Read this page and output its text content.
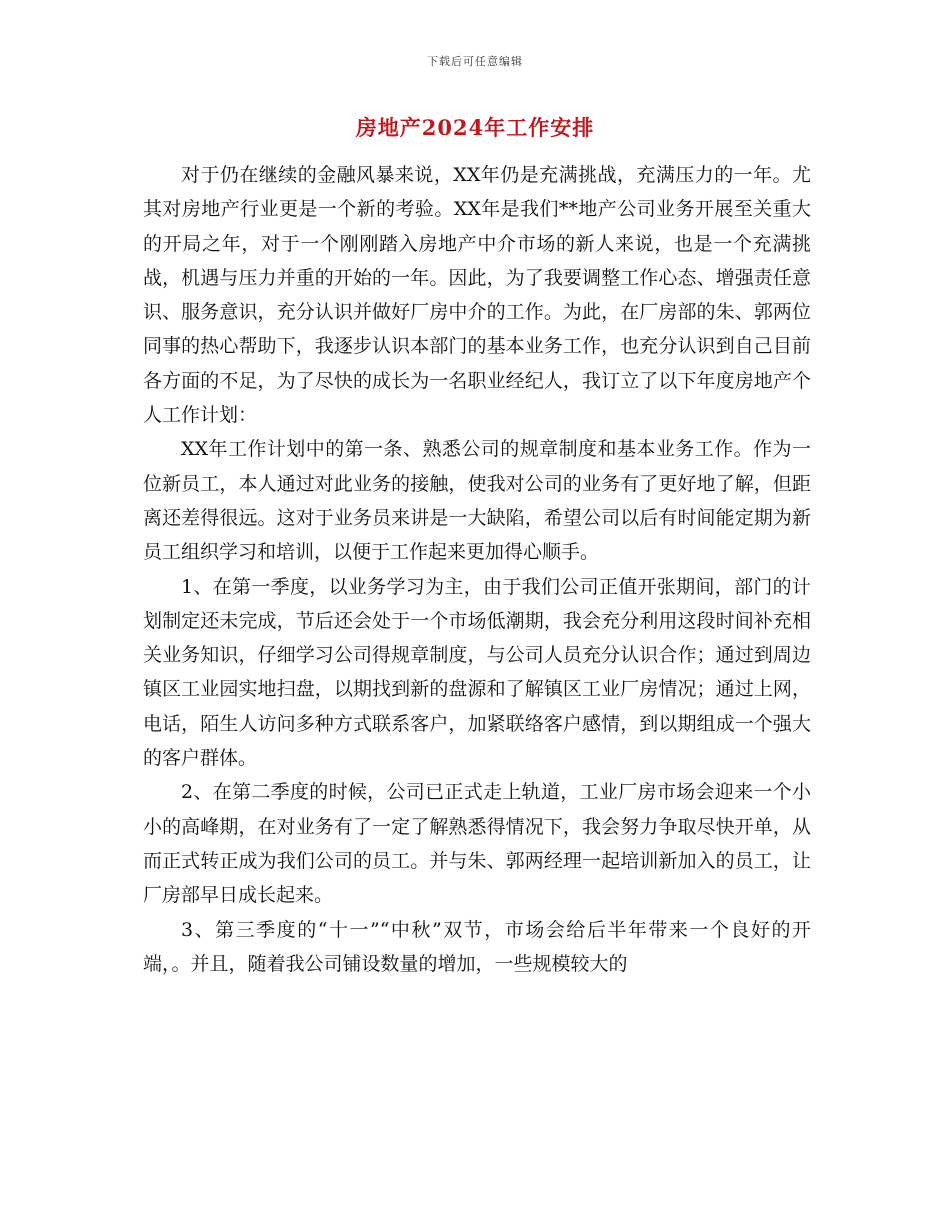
下载后可任意编辑
房地产2024年工作安排

对于仍在继续的金融风暴来说，XX年仍是充满挑战，充满压力的一年。尤其对房地产行业更是一个新的考验。XX年是我们**地产公司业务开展至关重大的开局之年，对于一个刚刚踏入房地产中介市场的新人来说，也是一个充满挑战，机遇与压力并重的开始的一年。因此，为了我要调整工作心态、增强责任意识、服务意识，充分认识并做好厂房中介的工作。为此，在厂房部的朱、郭两位同事的热心帮助下，我逐步认识本部门的基本业务工作，也充分认识到自己目前各方面的不足，为了尽快的成长为一名职业经纪人，我订立了以下年度房地产个人工作计划：

XX年工作计划中的第一条、熟悉公司的规章制度和基本业务工作。作为一位新员工，本人通过对此业务的接触，使我对公司的业务有了更好地了解，但距离还差得很远。这对于业务员来讲是一大缺陷，希望公司以后有时间能定期为新员工组织学习和培训，以便于工作起来更加得心顺手。

1、在第一季度，以业务学习为主，由于我们公司正值开张期间，部门的计划制定还未完成，节后还会处于一个市场低潮期，我会充分利用这段时间补充相关业务知识，仔细学习公司得规章制度，与公司人员充分认识合作；通过到周边镇区工业园实地扫盘，以期找到新的盘源和了解镇区工业厂房情况；通过上网，电话，陌生人访问多种方式联系客户，加紧联络客户感情，到以期组成一个强大的客户群体。

2、在第二季度的时候，公司已正式走上轨道，工业厂房市场会迎来一个小小的高峰期，在对业务有了一定了解熟悉得情况下，我会努力争取尽快开单，从而正式转正成为我们公司的员工。并与朱、郭两经理一起培训新加入的员工，让厂房部早日成长起来。

3、第三季度的“十一”“中秋”双节，市场会给后半年带来一个良好的开端，。并且，随着我公司铺设数量的增加，一些规模较大的
